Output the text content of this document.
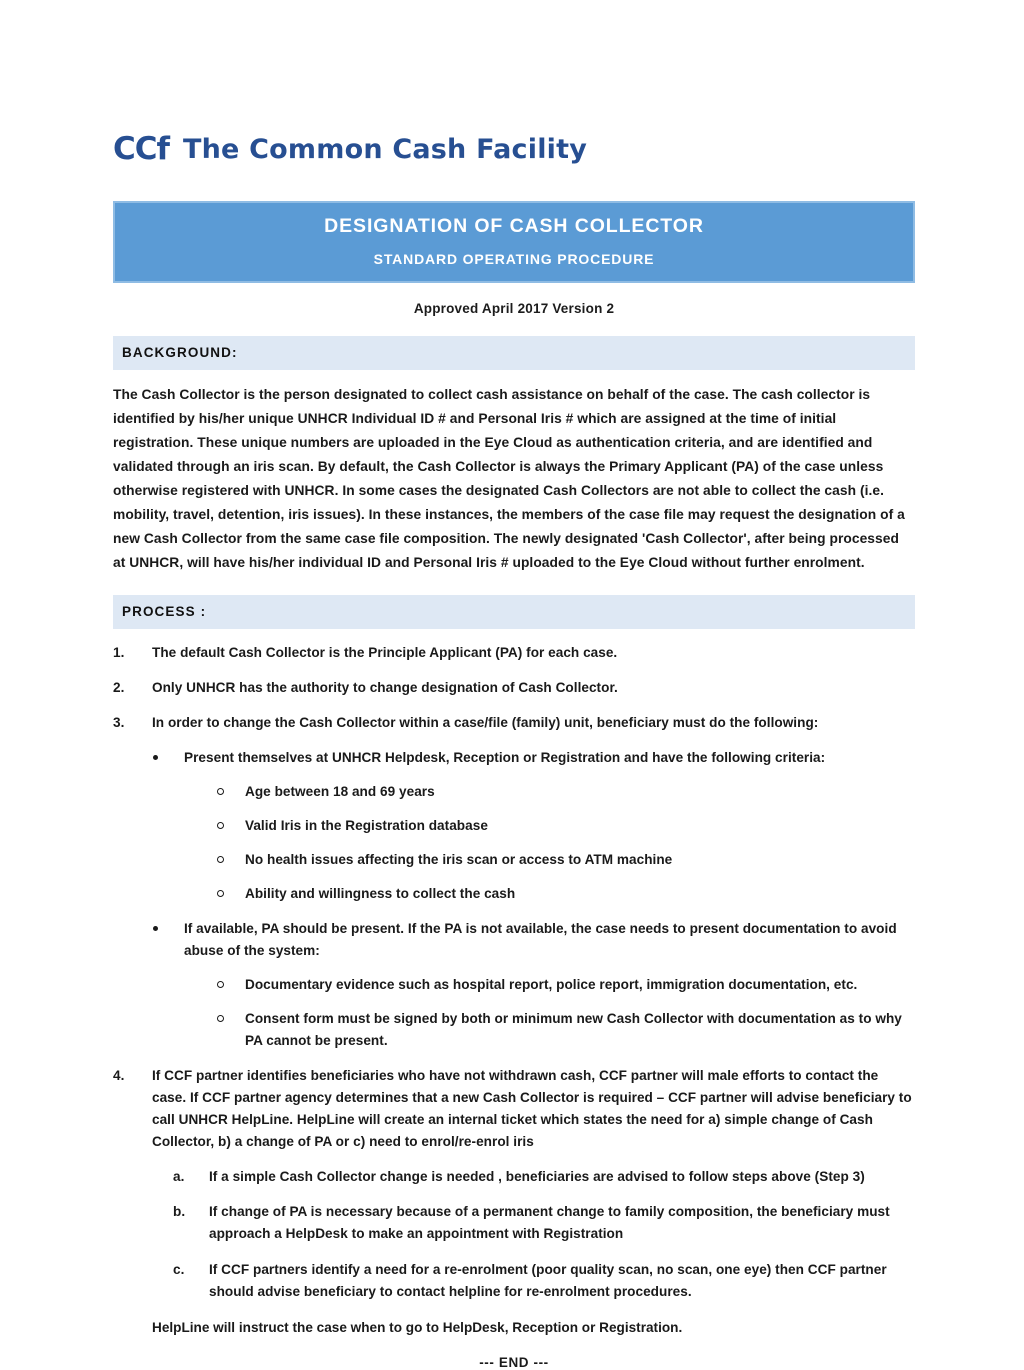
CCf The Common Cash Facility
DESIGNATION OF CASH COLLECTOR
STANDARD OPERATING PROCEDURE
Approved April 2017 Version 2
BACKGROUND:
The Cash Collector is the person designated to collect cash assistance on behalf of the case. The cash collector is identified by his/her unique UNHCR Individual ID # and Personal Iris # which are assigned at the time of initial registration. These unique numbers are uploaded in the Eye Cloud as authentication criteria, and are identified and validated through an iris scan. By default, the Cash Collector is always the Primary Applicant (PA) of the case unless otherwise registered with UNHCR. In some cases the designated Cash Collectors are not able to collect the cash (i.e. mobility, travel, detention, iris issues). In these instances, the members of the case file may request the designation of a new Cash Collector from the same case file composition. The newly designated 'Cash Collector', after being processed at UNHCR, will have his/her individual ID and Personal Iris # uploaded to the Eye Cloud without further enrolment.
PROCESS :
1.	The default Cash Collector is the Principle Applicant (PA) for each case.
2.	Only UNHCR has the authority to change designation of Cash Collector.
3.	In order to change the Cash Collector within a case/file (family) unit, beneficiary must do the following:
Present themselves at UNHCR Helpdesk, Reception or Registration and have the following criteria:
Age between 18 and 69 years
Valid Iris in the Registration database
No health issues affecting the iris scan or access to ATM machine
Ability and willingness to collect the cash
If available, PA should be present. If the PA is not available, the case needs to present documentation to avoid abuse of the system:
Documentary evidence such as hospital report, police report, immigration documentation, etc.
Consent form must be signed by both or minimum new Cash Collector with documentation as to why PA cannot be present.
4.	If CCF partner identifies beneficiaries who have not withdrawn cash, CCF partner will male efforts to contact the case. If CCF partner agency determines that a new Cash Collector is required – CCF partner will advise beneficiary to call UNHCR HelpLine. HelpLine will create an internal ticket which states the need for a) simple change of Cash Collector, b) a change of PA or c) need to enrol/re-enrol iris
a.	If a simple Cash Collector change is needed , beneficiaries are advised to follow steps above (Step 3)
b.	If change of PA is necessary because of a permanent change to family composition, the beneficiary must approach a HelpDesk to make an appointment with Registration
c.	If CCF partners identify a need for a re-enrolment (poor quality scan, no scan, one eye) then CCF partner should advise beneficiary to contact helpline for re-enrolment procedures.
HelpLine will instruct the case when to go to HelpDesk, Reception or Registration.
--- END ---
